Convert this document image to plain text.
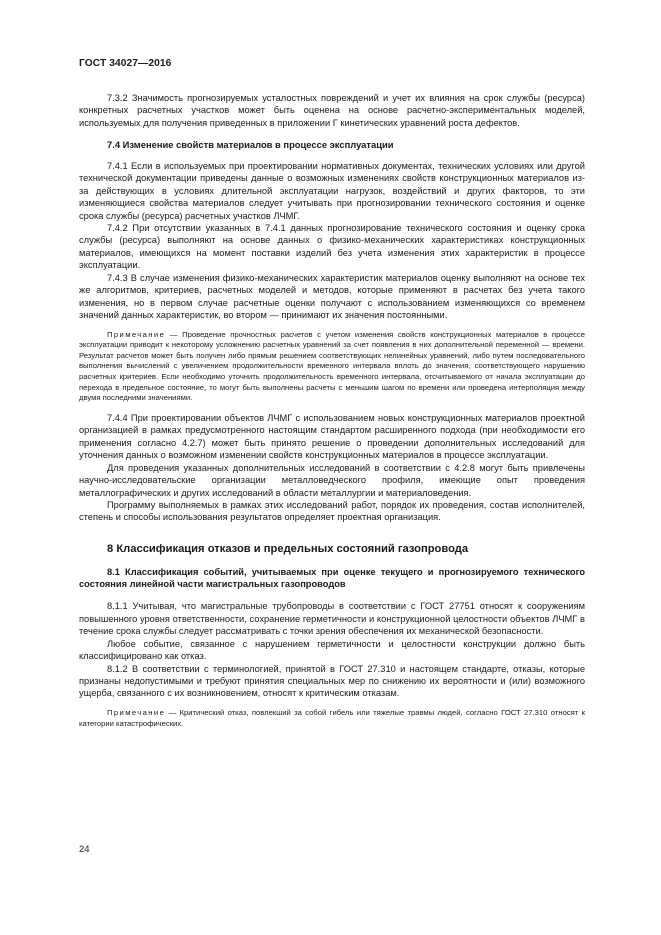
ГОСТ 34027—2016

7.3.2 Значимость прогнозируемых усталостных повреждений и учет их влияния на срок службы (ресурса) конкретных расчетных участков может быть оценена на основе расчетно-экспериментальных моделей, используемых для получения приведенных в приложении Г кинетических уравнений роста дефектов.

7.4 Изменение свойств материалов в процессе эксплуатации

7.4.1 Если в используемых при проектировании нормативных документах, технических условиях или другой технической документации приведены данные о возможных изменениях свойств конструкционных материалов из-за действующих в условиях длительной эксплуатации нагрузок, воздействий и других факторов, то эти изменяющиеся свойства материалов следует учитывать при прогнозировании технического состояния и оценке срока службы (ресурса) расчетных участков ЛЧМГ.

7.4.2 При отсутствии указанных в 7.4.1 данных прогнозирование технического состояния и оценку срока службы (ресурса) выполняют на основе данных о физико-механических характеристиках конструкционных материалов, имеющихся на момент поставки изделий без учета изменения этих характеристик в процессе эксплуатации.

7.4.3 В случае изменения физико-механических характеристик материалов оценку выполняют на основе тех же алгоритмов, критериев, расчетных моделей и методов, которые применяют в расчетах без учета такого изменения, но в первом случае расчетные оценки получают с использованием изменяющихся со временем значений данных характеристик, во втором — принимают их значения постоянными.

Примечание — Проведение прочностных расчетов с учетом изменения свойств конструкционных материалов в процессе эксплуатации приводит к некоторому усложнению расчетных уравнений за счет появления в них дополнительной переменной — времени. Результат расчетов может быть получен либо прямым решением соответствующих нелинейных уравнений, либо путем последовательного выполнения вычислений с увеличением продолжительности временного интервала вплоть до значения, соответствующего нарушению расчетных критериев. Если необходимо уточнить продолжительность временного интервала, отсчитываемого от начала эксплуатации до перехода в предельное состояние, то могут быть выполнены расчеты с меньшим шагом по времени или проведена интерполяция между двумя последними значениями.

7.4.4 При проектировании объектов ЛЧМГ с использованием новых конструкционных материалов проектной организацией в рамках предусмотренного настоящим стандартом расширенного подхода (при необходимости его применения согласно 4.2.7) может быть принято решение о проведении дополнительных исследований для уточнения данных о возможном изменении свойств конструкционных материалов в процессе эксплуатации.

Для проведения указанных дополнительных исследований в соответствии с 4.2.8 могут быть привлечены научно-исследовательские организации металловедческого профиля, имеющие опыт проведения металлографических и других исследований в области металлургии и материаловедения.

Программу выполняемых в рамках этих исследований работ, порядок их проведения, состав исполнителей, степень и способы использования результатов определяет проектная организация.

8 Классификация отказов и предельных состояний газопровода

8.1 Классификация событий, учитываемых при оценке текущего и прогнозируемого технического состояния линейной части магистральных газопроводов

8.1.1 Учитывая, что магистральные трубопроводы в соответствии с ГОСТ 27751 относят к сооружениям повышенного уровня ответственности, сохранение герметичности и конструкционной целостности объектов ЛЧМГ в течение срока службы следует рассматривать с точки зрения обеспечения их механической безопасности.

Любое событие, связанное с нарушением герметичности и целостности конструкции должно быть классифицировано как отказ.

8.1.2 В соответствии с терминологией, принятой в ГОСТ 27.310 и настоящем стандарте, отказы, которые признаны недопустимыми и требуют принятия специальных мер по снижению их вероятности и (или) возможного ущерба, связанного с их возникновением, относят к критическим отказам.

Примечание — Критический отказ, повлекший за собой гибель или тяжелые травмы людей, согласно ГОСТ 27.310 относят к категории катастрофических.

24
